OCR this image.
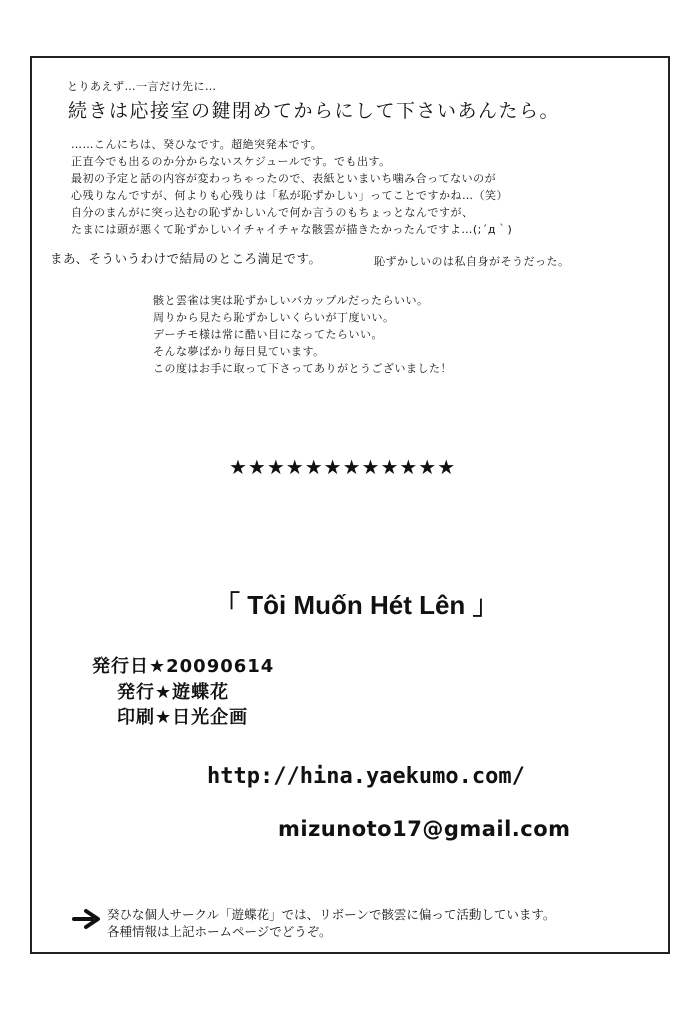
とりあえず…一言だけ先に…
続きは応接室の鍵閉めてからにして下さいあんたら。
……こんにちは、癸ひなです。超絶突発本です。
正直今でも出るのか分からないスケジュールです。でも出す。
最初の予定と話の内容が変わっちゃったので、表紙といまいち噛み合ってないのが
心残りなんですが、何よりも心残りは「私が恥ずかしい」ってことですかね…（笑）
自分のまんがに突っ込むの恥ずかしいんで何か言うのもちょっとなんですが、
たまには頭が悪くて恥ずかしいイチャイチャな骸雲が描きたかったんですよ…(;´д｀)
まあ、そういうわけで結局のところ満足です。	恥ずかしいのは私自身がそうだった。
骸と雲雀は実は恥ずかしいバカップルだったらいい。
周りから見たら恥ずかしいくらいが丁度いい。
デーチモ様は常に酷い目になってたらいい。
そんな夢ばかり毎日見ています。
この度はお手に取って下さってありがとうございました！
★★★★★★★★★★★★
「 Tôi Muốn Hét Lên 」
発行日★20090614
発行★遊蝶花
印刷★日光企画
http://hina.yaekumo.com/
mizunoto17@gmail.com
癸ひな個人サークル「遊蝶花」では、リボーンで骸雲に偏って活動しています。
各種情報は上記ホームページでどうぞ。
